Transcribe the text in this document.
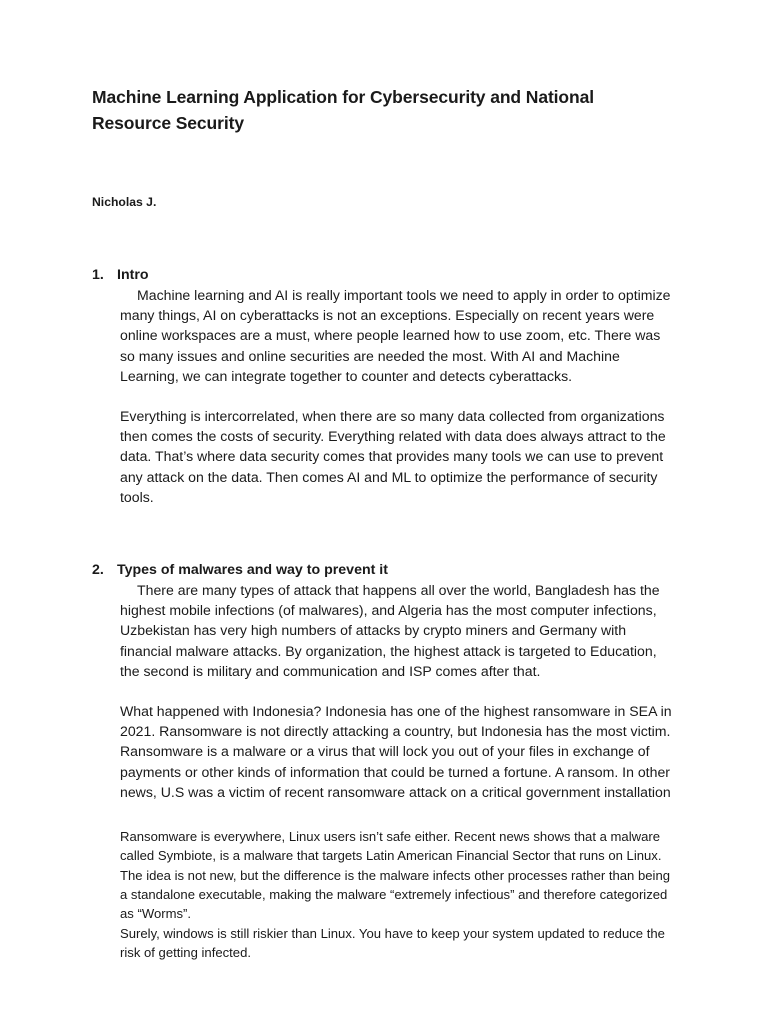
Machine Learning Application for Cybersecurity and National Resource Security

Nicholas J.

1. Intro

Machine learning and AI is really important tools we need to apply in order to optimize many things, AI on cyberattacks is not an exceptions. Especially on recent years were online workspaces are a must, where people learned how to use zoom, etc. There was so many issues and online securities are needed the most. With AI and Machine Learning, we can integrate together to counter and detects cyberattacks.

Everything is intercorrelated, when there are so many data collected from organizations then comes the costs of security. Everything related with data does always attract to the data. That’s where data security comes that provides many tools we can use to prevent any attack on the data. Then comes AI and ML to optimize the performance of security tools.

2. Types of malwares and way to prevent it

There are many types of attack that happens all over the world, Bangladesh has the highest mobile infections (of malwares), and Algeria has the most computer infections, Uzbekistan has very high numbers of attacks by crypto miners and Germany with financial malware attacks. By organization, the highest attack is targeted to Education, the second is military and communication and ISP comes after that.

What happened with Indonesia? Indonesia has one of the highest ransomware in SEA in 2021. Ransomware is not directly attacking a country, but Indonesia has the most victim. Ransomware is a malware or a virus that will lock you out of your files in exchange of payments or other kinds of information that could be turned a fortune. A ransom. In other news, U.S was a victim of recent ransomware attack on a critical government installation

Ransomware is everywhere, Linux users isn’t safe either. Recent news shows that a malware called Symbiote, is a malware that targets Latin American Financial Sector that runs on Linux. The idea is not new, but the difference is the malware infects other processes rather than being a standalone executable, making the malware “extremely infectious” and therefore categorized as “Worms”.

Surely, windows is still riskier than Linux. You have to keep your system updated to reduce the risk of getting infected.
